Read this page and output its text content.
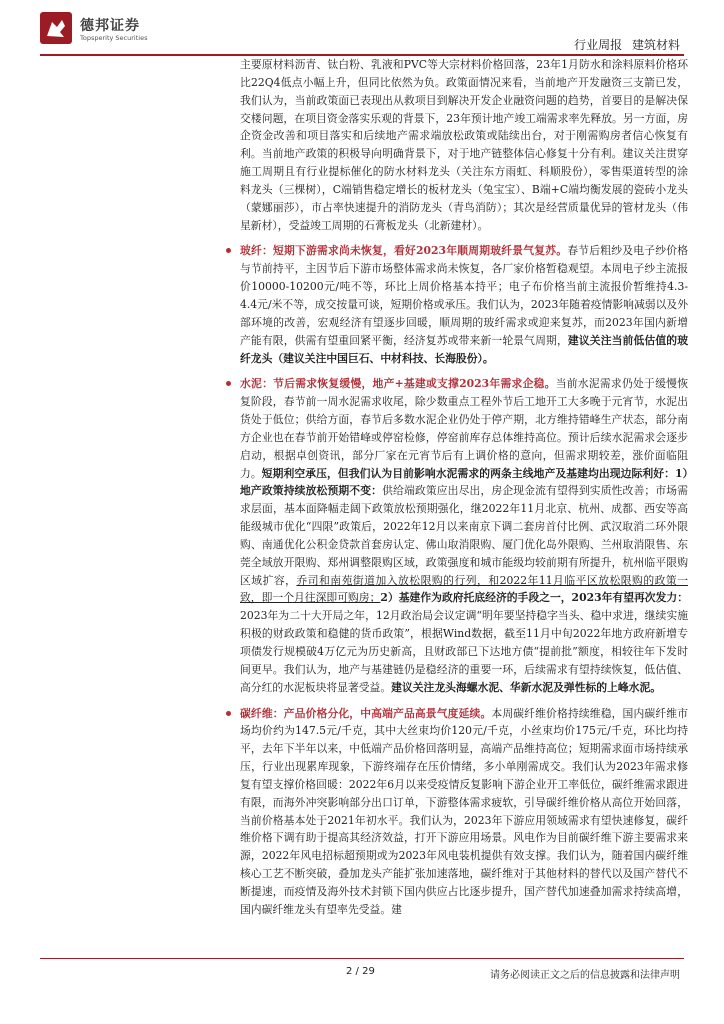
德邦证券
Topsperity Securities	行业周报 建筑材料

主要原材料沥青、钛白粉、乳液和PVC等大宗材料价格回落，23年1月防水和涂料原料价格环比22Q4低点小幅上升，但同比依然为负。政策面情况来看，当前地产开发融资三支箭已发，我们认为，当前政策面已表现出从救项目到解决开发企业融资问题的趋势，首要目的是解决保交楼问题，在项目资金落实乐观的背景下，23年预计地产竣工端需求率先释放。另一方面，房企资金改善和项目落实和后续地产需求端放松政策或陆续出台，对于刚需购房者信心恢复有利。当前地产政策的积极导向明确背景下，对于地产链整体信心修复十分有利。建议关注贯穿施工周期且有行业提标催化的防水材料龙头（关注东方雨虹、科顺股份），零售渠道转型的涂料龙头（三棵树），C端销售稳定增长的板材龙头（兔宝宝）、B端+C端均衡发展的瓷砖小龙头（蒙娜丽莎），市占率快速提升的消防龙头（青鸟消防）；其次是经营质量优异的管材龙头（伟星新材），受益竣工周期的石膏板龙头（北新建材）。

玻纤：短期下游需求尚未恢复，看好2023年顺周期玻纤景气复苏。春节后粗纱及电子纱价格与节前持平，主因节后下游市场整体需求尚未恢复，各厂家价格暂稳观望。本周电子纱主流报价10000-10200元/吨不等，环比上周价格基本持平；电子布价格当前主流报价暂维持4.3-4.4元/米不等，成交按量可谈，短期价格或承压。我们认为，2023年随着疫情影响减弱以及外部环境的改善，宏观经济有望逐步回暖，顺周期的玻纤需求或迎来复苏，而2023年国内新增产能有限，供需有望重回紧平衡，经济复苏或带来新一轮景气周期，建议关注当前低估值的玻纤龙头（建议关注中国巨石、中材科技、长海股份）。

水泥：节后需求恢复缓慢，地产+基建或支撑2023年需求企稳。当前水泥需求仍处于缓慢恢复阶段，春节前一周水泥需求收尾，除少数重点工程外节后工地开工大多晚于元宵节，水泥出货处于低位；供给方面，春节后多数水泥企业仍处于停产期，北方维持错峰生产状态，部分南方企业也在春节前开始错峰或停窑检修，停窑前库存总体维持高位。预计后续水泥需求会逐步启动，根据卓创资讯，部分厂家在元宵节后有上调价格的意向，但需求期较差，涨价面临阻力。短期利空承压，但我们认为目前影响水泥需求的两条主线地产及基建均出现边际利好：1）地产政策持续放松预期不变：供给端政策应出尽出，房企现金流有望得到实质性改善；市场需求层面，基本面降幅走阔下政策放松预期强化，继2022年11月北京、杭州、成都、西安等高能级城市优化“四限”政策后，2022年12月以来南京下调二套房首付比例、武汉取消二环外限购、南通优化公积金贷款首套房认定、佛山取消限购、厦门优化岛外限购、兰州取消限售、东莞全域放开限购、郑州调整限购区域，政策强度和城市能级均较前期有所提升，杭州临平限购区域扩容，乔司和南苑街道加入放松限购的行列，和2022年11月临平区放松限购的政策一致，即一个月往深即可购房；2）基建作为政府托底经济的手段之一，2023年有望再次发力：2023年为二十大开局之年，12月政治局会议定调“明年要坚持稳字当头、稳中求进，继续实施积极的财政政策和稳健的货币政策”，根据Wind数据，截至11月中旬2022年地方政府新增专项债发行规模破4万亿元为历史新高，且财政部已下达地方债“提前批”额度，相较往年下发时间更早。我们认为，地产与基建链仍是稳经济的重要一环，后续需求有望持续恢复，低估值、高分红的水泥板块将显著受益。建议关注龙头海螺水泥、华新水泥及弹性标的上峰水泥。

碳纤维：产品价格分化，中高端产品高景气度延续。本周碳纤维价格持续维稳，国内碳纤维市场均价约为147.5元/千克，其中大丝束均价120元/千克，小丝束均价175元/千克，环比均持平，去年下半年以来，中低端产品价格回落明显，高端产品维持高位；短期需求面市场持续承压，行业出现累库现象，下游终端存在压价情绪，多小单刚需成交。我们认为2023年需求修复有望支撑价格回暖：2022年6月以来受疫情反复影响下游企业开工率低位，碳纤维需求跟进有限，而海外冲突影响部分出口订单，下游整体需求疲软，引导碳纤维价格从高位开始回落，当前价格基本处于2021年初水平。我们认为，2023年下游应用领域需求有望快速修复，碳纤维价格下调有助于提高其经济效益，打开下游应用场景。风电作为目前碳纤维下游主要需求来源，2022年风电招标超预期或为2023年风电装机提供有效支撑。我们认为，随着国内碳纤维核心工艺不断突破，叠加龙头产能扩张加速落地，碳纤维对于其他材料的替代以及国产替代不断提速，而疫情及海外技术封锁下国内供应占比逐步提升，国产替代加速叠加需求持续高增，国内碳纤维龙头有望率先受益。建

2 / 29	请务必阅读正文之后的信息披露和法律声明
